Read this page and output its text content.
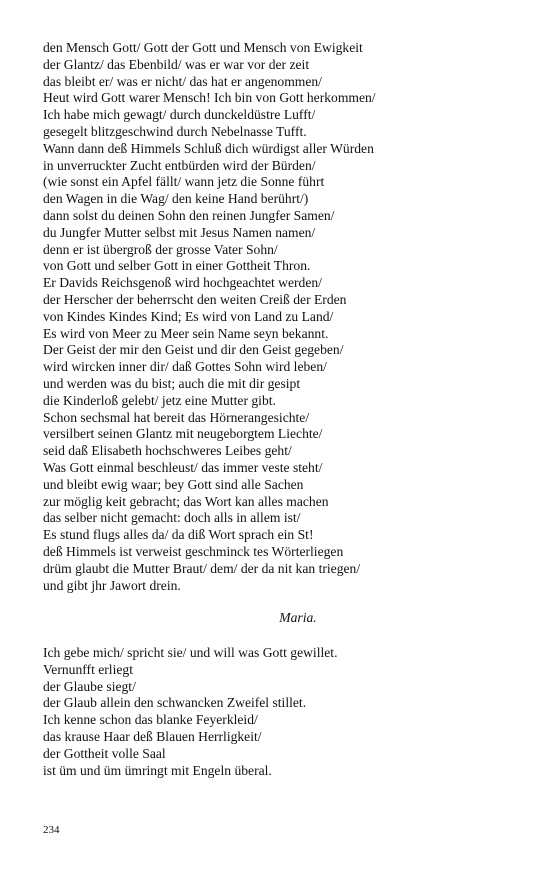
den Mensch Gott/ Gott der Gott und Mensch von Ewigkeit
der Glantz/ das Ebenbild/ was er war vor der zeit
das bleibt er/ was er nicht/ das hat er angenommen/
Heut wird Gott warer Mensch! Ich bin von Gott herkommen/
Ich habe mich gewagt/ durch dunckeldüstre Lufft/
gesegelt blitzgeschwind durch Nebelnasse Tufft.
Wann dann deß Himmels Schluß dich würdigst aller Würden
in unverruckter Zucht entbürden wird der Bürden/
(wie sonst ein Apfel fällt/ wann jetz die Sonne führt
den Wagen in die Wag/ den keine Hand berührt/)
dann solst du deinen Sohn den reinen Jungfer Samen/
du Jungfer Mutter selbst mit Jesus Namen namen/
denn er ist übergroß der grosse Vater Sohn/
von Gott und selber Gott in einer Gottheit Thron.
Er Davids Reichsgenoß wird hochgeachtet werden/
der Herscher der beherrscht den weiten Creiß der Erden
von Kindes Kindes Kind; Es wird von Land zu Land/
Es wird von Meer zu Meer sein Name seyn bekannt.
Der Geist der mir den Geist und dir den Geist gegeben/
wird wircken inner dir/ daß Gottes Sohn wird leben/
und werden was du bist; auch die mit dir gesipt
die Kinderloß gelebt/ jetz eine Mutter gibt.
Schon sechsmal hat bereit das Hörnerangesichte/
versilbert seinen Glantz mit neugeborgtem Liechte/
seid daß Elisabeth hochschweres Leibes geht/
Was Gott einmal beschleust/ das immer veste steht/
und bleibt ewig waar; bey Gott sind alle Sachen
zur möglig keit gebracht; das Wort kan alles machen
das selber nicht gemacht: doch alls in allem ist/
Es stund flugs alles da/ da diß Wort sprach ein St!
deß Himmels ist verweist geschminck tes Wörterliegen
drüm glaubt die Mutter Braut/ dem/ der da nit kan triegen/
und gibt jhr Jawort drein.
Maria.
Ich gebe mich/ spricht sie/ und will was Gott gewillet.
Vernunfft erliegt
der Glaube siegt/
der Glaub allein den schwancken Zweifel stillet.
Ich kenne schon das blanke Feyerkleid/
das krause Haar deß Blauen Herrligkeit/
der Gottheit volle Saal
ist üm und üm ümringt mit Engeln überal.
234
